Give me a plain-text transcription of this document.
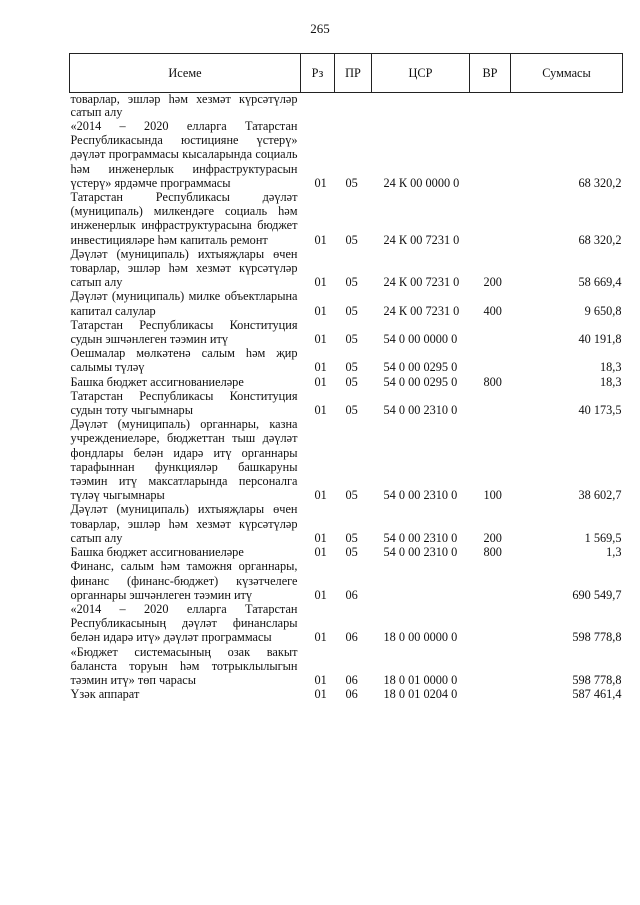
265
Исеме	Рз	ПР	ЦСР	ВР	Суммасы
товарлар, эшләр һәм хезмәт күрсәтүләр сатып алу					
«2014 – 2020 елларга Татарстан Республикасында юстицияне үстерү» дәүләт программасы кысаларында социаль һәм инженерлык инфраструктурасын үстерү» ярдәмче программасы	01	05	24 К 00 0000 0		68 320,2
Татарстан Республикасы дәүләт (муниципаль) милкендәге социаль һәм инженерлык инфраструктурасына бюджет инвестицияләре һәм капиталь ремонт	01	05	24 К 00 7231 0		68 320,2
Дәүләт (муниципаль) ихтыяҗлары өчен товарлар, эшләр һәм хезмәт күрсәтүләр сатып алу	01	05	24 К 00 7231 0	200	58 669,4
Дәүләт (муниципаль) милке объектларына капитал салулар	01	05	24 К 00 7231 0	400	9 650,8
Татарстан Республикасы Конституция судын эшчәнлеген тәэмин итү	01	05	54 0 00 0000 0		40 191,8
Оешмалар мөлкәтенә салым һәм җир салымы түләү	01	05	54 0 00 0295 0		18,3
Башка бюджет ассигнованиеләре	01	05	54 0 00 0295 0	800	18,3
Татарстан Республикасы Конституция судын тоту чыгымнары	01	05	54 0 00 2310 0		40 173,5
Дәүләт (муниципаль) органнары, казна учреждениеләре, бюджеттан тыш дәүләт фондлары белән идарә итү органнары тарафыннан функцияләр башкаруны тәэмин итү максатларында персоналга түләү чыгымнары	01	05	54 0 00 2310 0	100	38 602,7
Дәүләт (муниципаль) ихтыяҗлары өчен товарлар, эшләр һәм хезмәт күрсәтүләр сатып алу	01	05	54 0 00 2310 0	200	1 569,5
Башка бюджет ассигнованиеләре	01	05	54 0 00 2310 0	800	1,3
Финанс, салым һәм таможня органнары, финанс (финанс-бюджет) күзәтчелеге органнары эшчәнлеген тәэмин итү	01	06			690 549,7
«2014 – 2020 елларга Татарстан Республикасының дәүләт финанслары белән идарә итү» дәүләт программасы	01	06	18 0 00 0000 0		598 778,8
«Бюджет системасының озак вакыт баланста торуын һәм тотрыклылыгын тәэмин итү» төп чарасы	01	06	18 0 01 0000 0		598 778,8
Үзәк аппарат	01	06	18 0 01 0204 0		587 461,4
